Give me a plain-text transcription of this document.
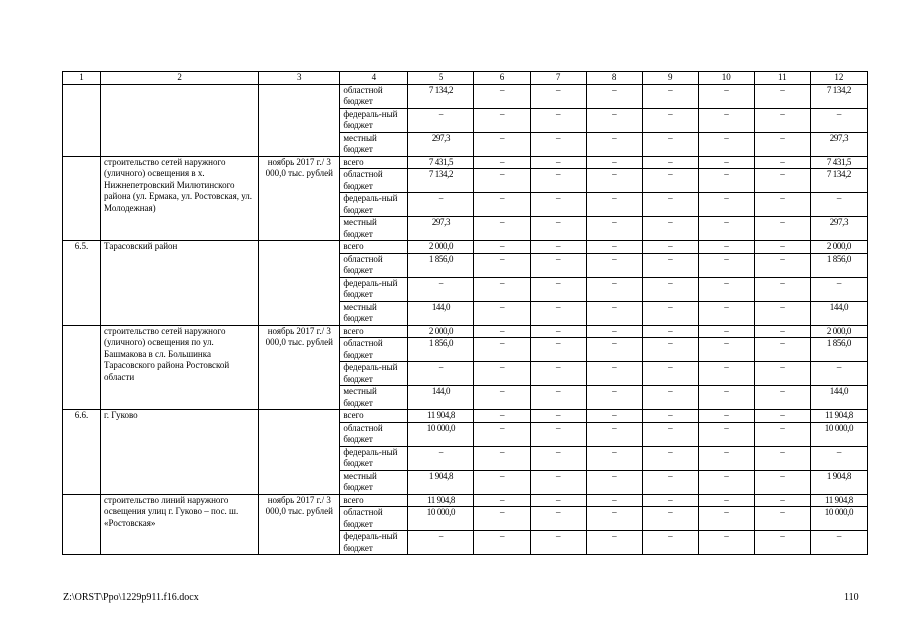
1	2	3	4	5	6	7	8	9	10	11	12
			областной бюджет	7 134,2	–	–	–	–	–	–	7 134,2
			федераль-ный бюджет	–	–	–	–	–	–	–	–
			местный бюджет	297,3	–	–	–	–	–	–	297,3
	строительство сетей наружного (уличного) освещения в х. Нижнепетровский Милютинского района (ул. Ермака, ул. Ростовская, ул. Молодежная)	ноябрь 2017 г./ 3 000,0 тыс. рублей	всего	7 431,5	–	–	–	–	–	–	7 431,5
			областной бюджет	7 134,2	–	–	–	–	–	–	7 134,2
			федераль-ный бюджет	–	–	–	–	–	–	–	–
			местный бюджет	297,3	–	–	–	–	–	–	297,3
6.5.	Тарасовский район		всего	2 000,0	–	–	–	–	–	–	2 000,0
			областной бюджет	1 856,0	–	–	–	–	–	–	1 856,0
			федераль-ный бюджет	–	–	–	–	–	–	–	–
			местный бюджет	144,0	–	–	–	–	–	–	144,0
	строительство сетей наружного (уличного) освещения по ул. Башмакова в сл. Большинка Тарасовского района Ростовской области	ноябрь 2017 г./ 3 000,0 тыс. рублей	всего	2 000,0	–	–	–	–	–	–	2 000,0
			областной бюджет	1 856,0	–	–	–	–	–	–	1 856,0
			федераль-ный бюджет	–	–	–	–	–	–	–	–
			местный бюджет	144,0	–	–	–	–	–	–	144,0
6.6.	г. Гуково		всего	11 904,8	–	–	–	–	–	–	11 904,8
			областной бюджет	10 000,0	–	–	–	–	–	–	10 000,0
			федераль-ный бюджет	–	–	–	–	–	–	–	–
			местный бюджет	1 904,8	–	–	–	–	–	–	1 904,8
	строительство линий наружного освещения улиц г. Гуково – пос. ш. «Ростовская»	ноябрь 2017 г./ 3 000,0 тыс. рублей	всего	11 904,8	–	–	–	–	–	–	11 904,8
			областной бюджет	10 000,0	–	–	–	–	–	–	10 000,0
			федераль-ный бюджет	–	–	–	–	–	–	–	–
Z:\ORST\Ppo\1229p911.f16.docx	110
